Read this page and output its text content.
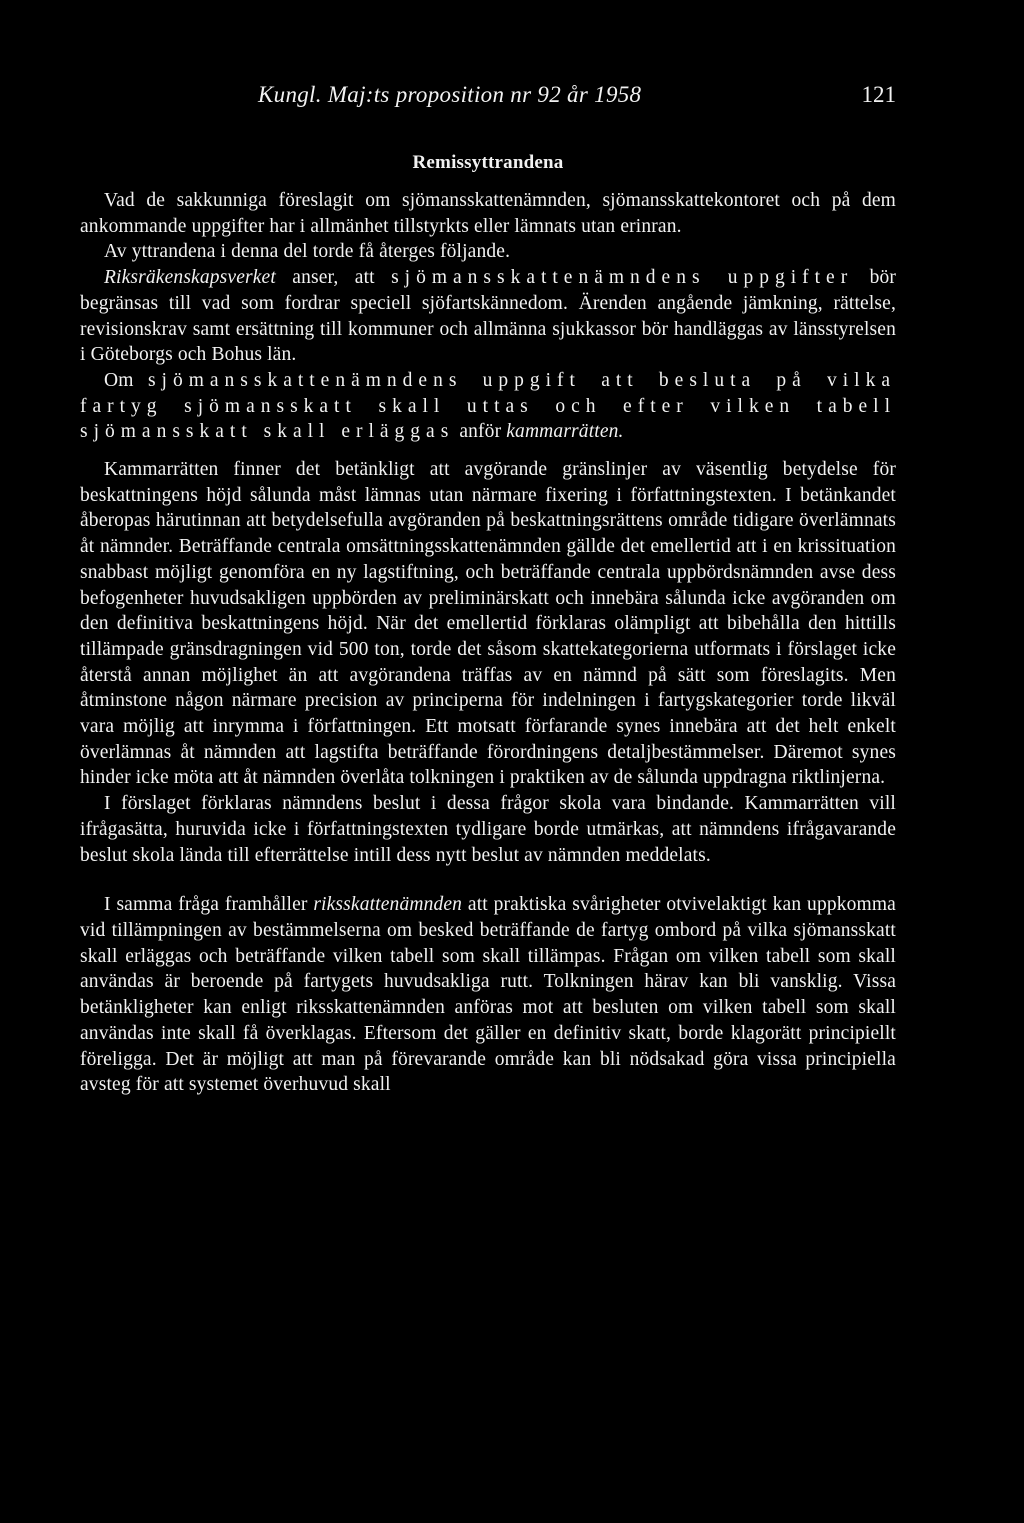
Kungl. Maj:ts proposition nr 92 år 1958	121
Remissyttrandena

Vad de sakkunniga föreslagit om sjömansskattenämnden, sjömansskattekontoret och på dem ankommande uppgifter har i allmänhet tillstyrkts eller lämnats utan erinran.

Av yttrandena i denna del torde få återges följande.

Riksräkenskapsverket anser, att sjömansskattenämndens uppgifter bör begränsas till vad som fordrar speciell sjöfartskännedom. Ärenden angående jämkning, rättelse, revisionskrav samt ersättning till kommuner och allmänna sjukkassor bör handläggas av länsstyrelsen i Göteborgs och Bohus län.

Om sjömansskattenämndens uppgift att besluta på vilka fartyg sjömansskatt skall uttas och efter vilken tabell sjömansskatt skall erläggas anför kammarrätten.

Kammarrätten finner det betänkligt att avgörande gränslinjer av väsentlig betydelse för beskattningens höjd sålunda måst lämnas utan närmare fixering i författningstexten. I betänkandet åberopas härutinnan att betydelsefulla avgöranden på beskattningsrättens område tidigare överlämnats åt nämnder. Beträffande centrala omsättningsskattenämnden gällde det emellertid att i en krissituation snabbast möjligt genomföra en ny lagstiftning, och beträffande centrala uppbördsnämnden avse dess befogenheter huvudsakligen uppbörden av preliminärskatt och innebära sålunda icke avgöranden om den definitiva beskattningens höjd. När det emellertid förklaras olämpligt att bibehålla den hittills tillämpade gränsdragningen vid 500 ton, torde det såsom skattekategorierna utformats i förslaget icke återstå annan möjlighet än att avgörandena träffas av en nämnd på sätt som föreslagits. Men åtminstone någon närmare precision av principerna för indelningen i fartygskategorier torde likväl vara möjlig att inrymma i författningen. Ett motsatt förfarande synes innebära att det helt enkelt överlämnas åt nämnden att lagstifta beträffande förordningens detaljbestämmelser. Däremot synes hinder icke möta att åt nämnden överlåta tolkningen i praktiken av de sålunda uppdragna riktlinjerna.

I förslaget förklaras nämndens beslut i dessa frågor skola vara bindande. Kammarrätten vill ifrågasätta, huruvida icke i författningstexten tydligare borde utmärkas, att nämndens ifrågavarande beslut skola lända till efterrättelse intill dess nytt beslut av nämnden meddelats.

I samma fråga framhåller riksskattenämnden att praktiska svårigheter otvivelaktigt kan uppkomma vid tillämpningen av bestämmelserna om besked beträffande de fartyg ombord på vilka sjömansskatt skall erläggas och beträffande vilken tabell som skall tillämpas. Frågan om vilken tabell som skall användas är beroende på fartygets huvudsakliga rutt. Tolkningen härav kan bli vansklig. Vissa betänkligheter kan enligt riksskattenämnden anföras mot att besluten om vilken tabell som skall användas inte skall få överklagas. Eftersom det gäller en definitiv skatt, borde klagorätt principiellt föreligga. Det är möjligt att man på förevarande område kan bli nödsakad göra vissa principiella avsteg för att systemet överhuvud skall
